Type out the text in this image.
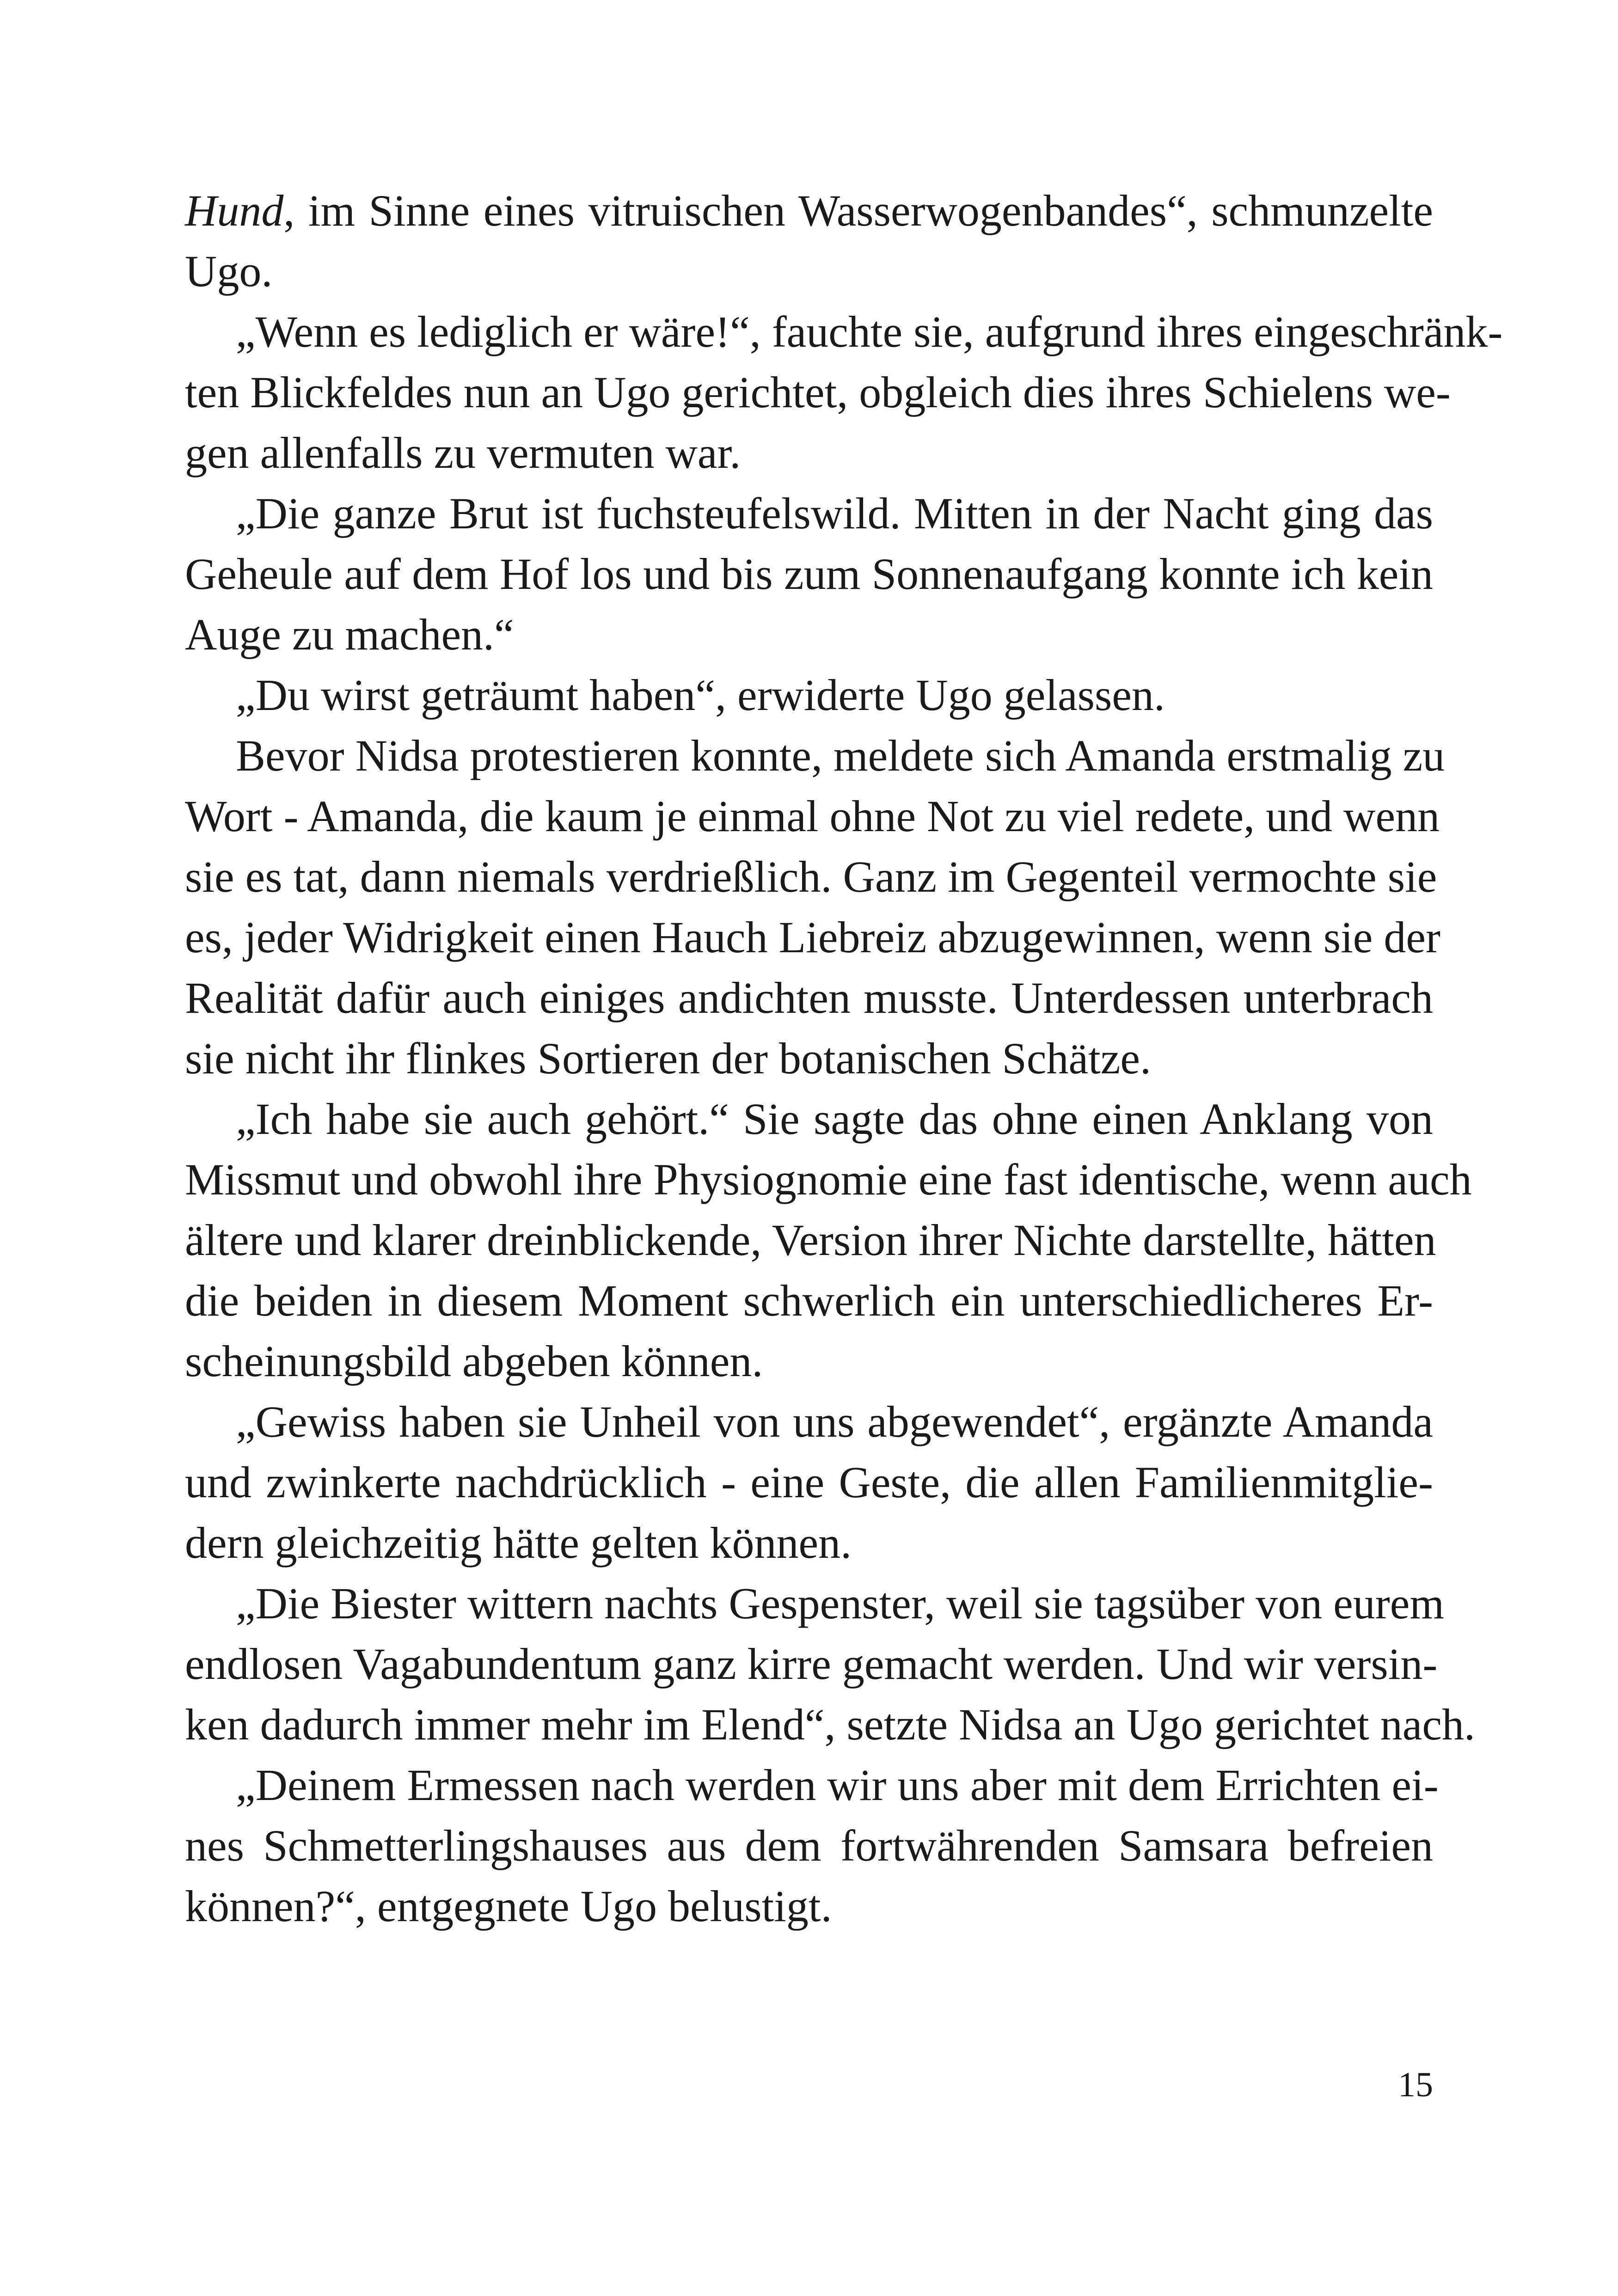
Hund, im Sinne eines vitruischen Wasserwogenbandes“, schmunzelte
Ugo.
„Wenn es lediglich er wäre!“, fauchte sie, aufgrund ihres eingeschränk-
ten Blickfeldes nun an Ugo gerichtet, obgleich dies ihres Schielens we-
gen allenfalls zu vermuten war.
„Die ganze Brut ist fuchsteufelswild. Mitten in der Nacht ging das
Geheule auf dem Hof los und bis zum Sonnenaufgang konnte ich kein
Auge zu machen.“
„Du wirst geträumt haben“, erwiderte Ugo gelassen.
Bevor Nidsa protestieren konnte, meldete sich Amanda erstmalig zu
Wort - Amanda, die kaum je einmal ohne Not zu viel redete, und wenn
sie es tat, dann niemals verdrießlich. Ganz im Gegenteil vermochte sie
es, jeder Widrigkeit einen Hauch Liebreiz abzugewinnen, wenn sie der
Realität dafür auch einiges andichten musste. Unterdessen unterbrach
sie nicht ihr flinkes Sortieren der botanischen Schätze.
„Ich habe sie auch gehört.“ Sie sagte das ohne einen Anklang von
Missmut und obwohl ihre Physiognomie eine fast identische, wenn auch
ältere und klarer dreinblickende, Version ihrer Nichte darstellte, hätten
die beiden in diesem Moment schwerlich ein unterschiedlicheres Er-
scheinungsbild abgeben können.
„Gewiss haben sie Unheil von uns abgewendet“, ergänzte Amanda
und zwinkerte nachdrücklich - eine Geste, die allen Familienmitglie-
dern gleichzeitig hätte gelten können.
„Die Biester wittern nachts Gespenster, weil sie tagsüber von eurem
endlosen Vagabundentum ganz kirre gemacht werden. Und wir versin-
ken dadurch immer mehr im Elend“, setzte Nidsa an Ugo gerichtet nach.
„Deinem Ermessen nach werden wir uns aber mit dem Errichten ei-
nes Schmetterlingshauses aus dem fortwährenden Samsara befreien
können?“, entgegnete Ugo belustigt.
15
